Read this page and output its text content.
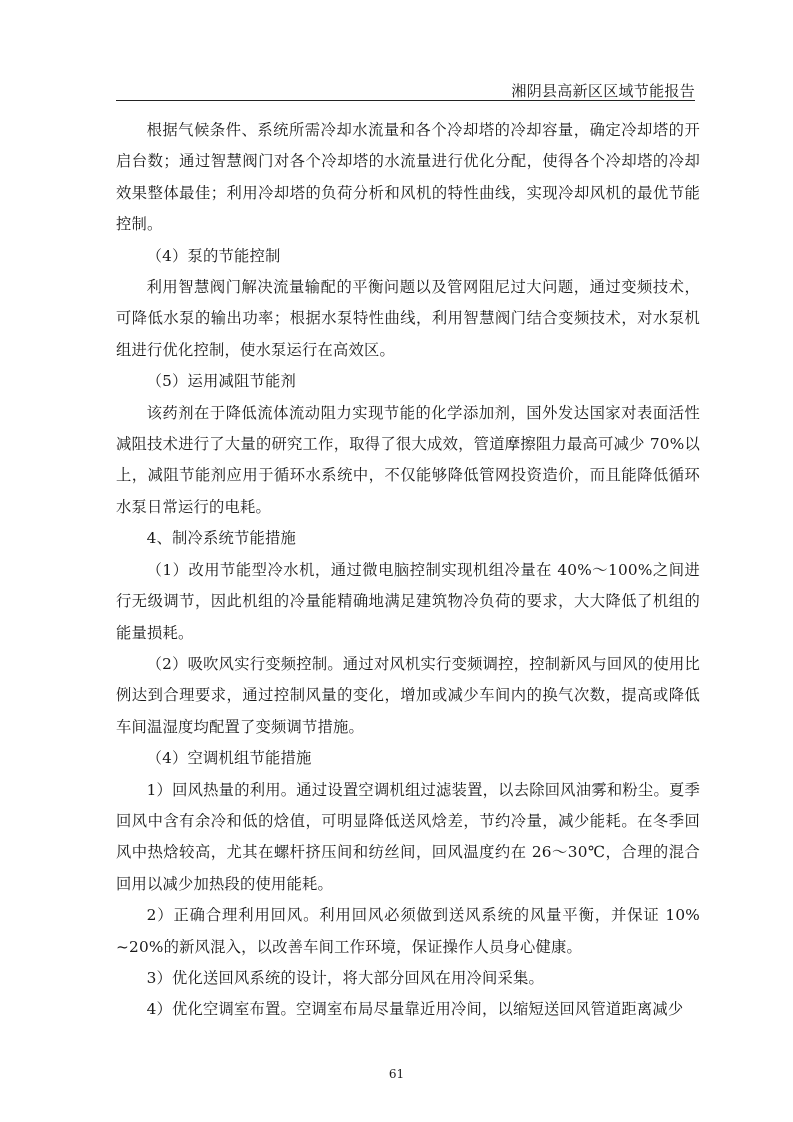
湘阴县高新区区域节能报告

根据气候条件、系统所需冷却水流量和各个冷却塔的冷却容量，确定冷却塔的开启台数；通过智慧阀门对各个冷却塔的水流量进行优化分配，使得各个冷却塔的冷却效果整体最佳；利用冷却塔的负荷分析和风机的特性曲线，实现冷却风机的最优节能控制。

（4）泵的节能控制

利用智慧阀门解决流量输配的平衡问题以及管网阻尼过大问题，通过变频技术，可降低水泵的输出功率；根据水泵特性曲线，利用智慧阀门结合变频技术，对水泵机组进行优化控制，使水泵运行在高效区。

（5）运用减阻节能剂

该药剂在于降低流体流动阻力实现节能的化学添加剂，国外发达国家对表面活性减阻技术进行了大量的研究工作，取得了很大成效，管道摩擦阻力最高可减少 70%以上，减阻节能剂应用于循环水系统中，不仅能够降低管网投资造价，而且能降低循环水泵日常运行的电耗。

4、制冷系统节能措施

（1）改用节能型冷水机，通过微电脑控制实现机组冷量在 40%～100%之间进行无级调节，因此机组的冷量能精确地满足建筑物冷负荷的要求，大大降低了机组的能量损耗。

（2）吸吹风实行变频控制。通过对风机实行变频调控，控制新风与回风的使用比例达到合理要求，通过控制风量的变化，增加或减少车间内的换气次数，提高或降低车间温湿度均配置了变频调节措施。

（4）空调机组节能措施

1）回风热量的利用。通过设置空调机组过滤装置，以去除回风油雾和粉尘。夏季回风中含有余冷和低的焓值，可明显降低送风焓差，节约冷量，减少能耗。在冬季回风中热焓较高，尤其在螺杆挤压间和纺丝间，回风温度约在 26～30℃，合理的混合回用以减少加热段的使用能耗。

2）正确合理利用回风。利用回风必须做到送风系统的风量平衡，并保证 10% ~20%的新风混入，以改善车间工作环境，保证操作人员身心健康。

3）优化送回风系统的设计，将大部分回风在用冷间采集。

4）优化空调室布置。空调室布局尽量靠近用冷间，以缩短送回风管道距离减少

61
